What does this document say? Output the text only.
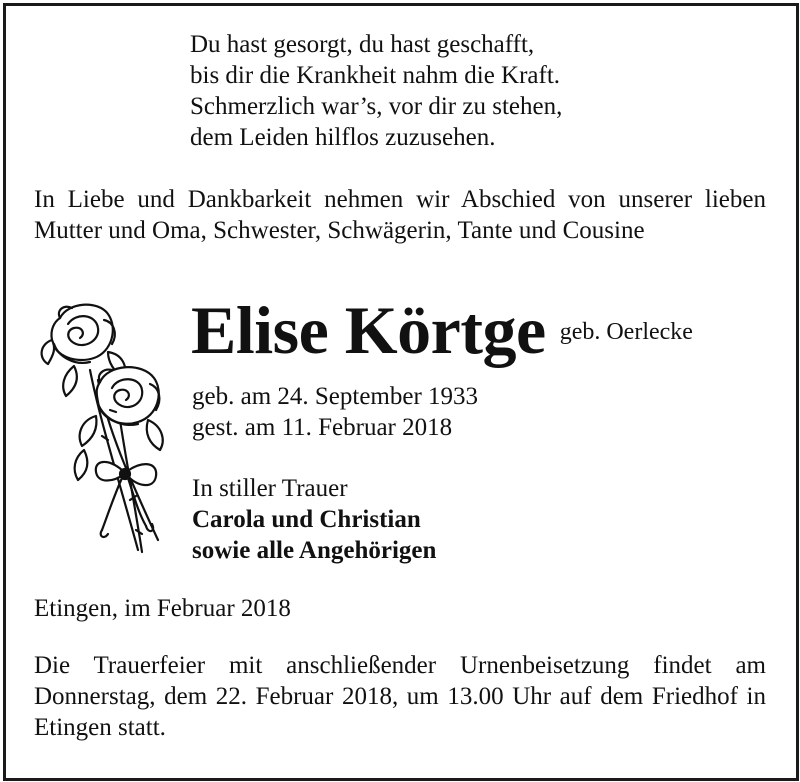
Du hast gesorgt, du hast geschafft,
bis dir die Krankheit nahm die Kraft.
Schmerzlich war’s, vor dir zu stehen,
dem Leiden hilflos zuzusehen.
In Liebe und Dankbarkeit nehmen wir Abschied von unserer lieben Mutter und Oma, Schwester, Schwägerin, Tante und Cousine
Elise Körtge geb. Oerlecke
geb. am 24. September 1933
gest. am 11. Februar 2018
In stiller Trauer
Carola und Christian
sowie alle Angehörigen
Etingen, im Februar 2018
Die Trauerfeier mit anschließender Urnenbeisetzung findet am Donnerstag, dem 22. Februar 2018, um 13.00 Uhr auf dem Friedhof in Etingen statt.
